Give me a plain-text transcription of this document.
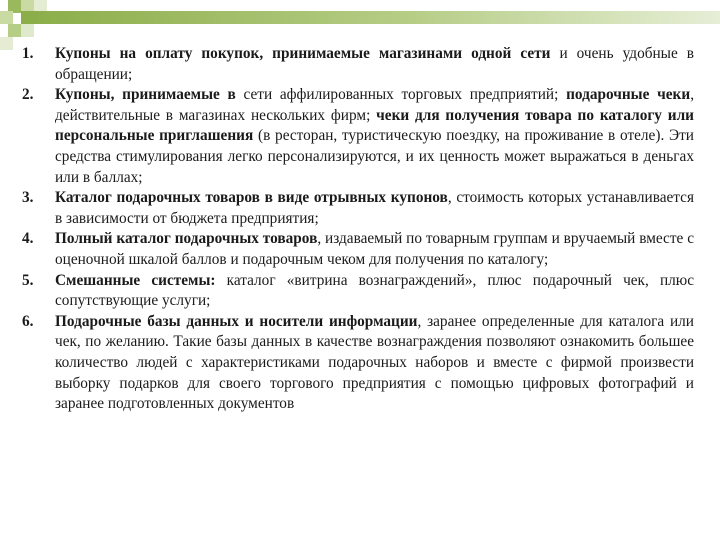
1. Купоны на оплату покупок, принимаемые магазинами одной сети и очень удобные в обращении;
2. Купоны, принимаемые в сети аффилированных торговых предприятий; подарочные чеки, действительные в магазинах нескольких фирм; чеки для получения товара по каталогу или персональные приглашения (в ресторан, туристическую поездку, на проживание в отеле). Эти средства стимулирования легко персонализируются, и их ценность может выражаться в деньгах или в баллах;
3. Каталог подарочных товаров в виде отрывных купонов, стоимость которых устанавливается в зависимости от бюджета предприятия;
4. Полный каталог подарочных товаров, издаваемый по товарным группам и вручаемый вместе с оценочной шкалой баллов и подарочным чеком для получения по каталогу;
5. Смешанные системы: каталог «витрина вознаграждений», плюс подарочный чек, плюс сопутствующие услуги;
6. Подарочные базы данных и носители информации, заранее определенные для каталога или чек, по желанию. Такие базы данных в качестве вознаграждения позволяют ознакомить большее количество людей с характеристиками подарочных наборов и вместе с фирмой произвести выборку подарков для своего торгового предприятия с помощью цифровых фотографий и заранее подготовленных документов
